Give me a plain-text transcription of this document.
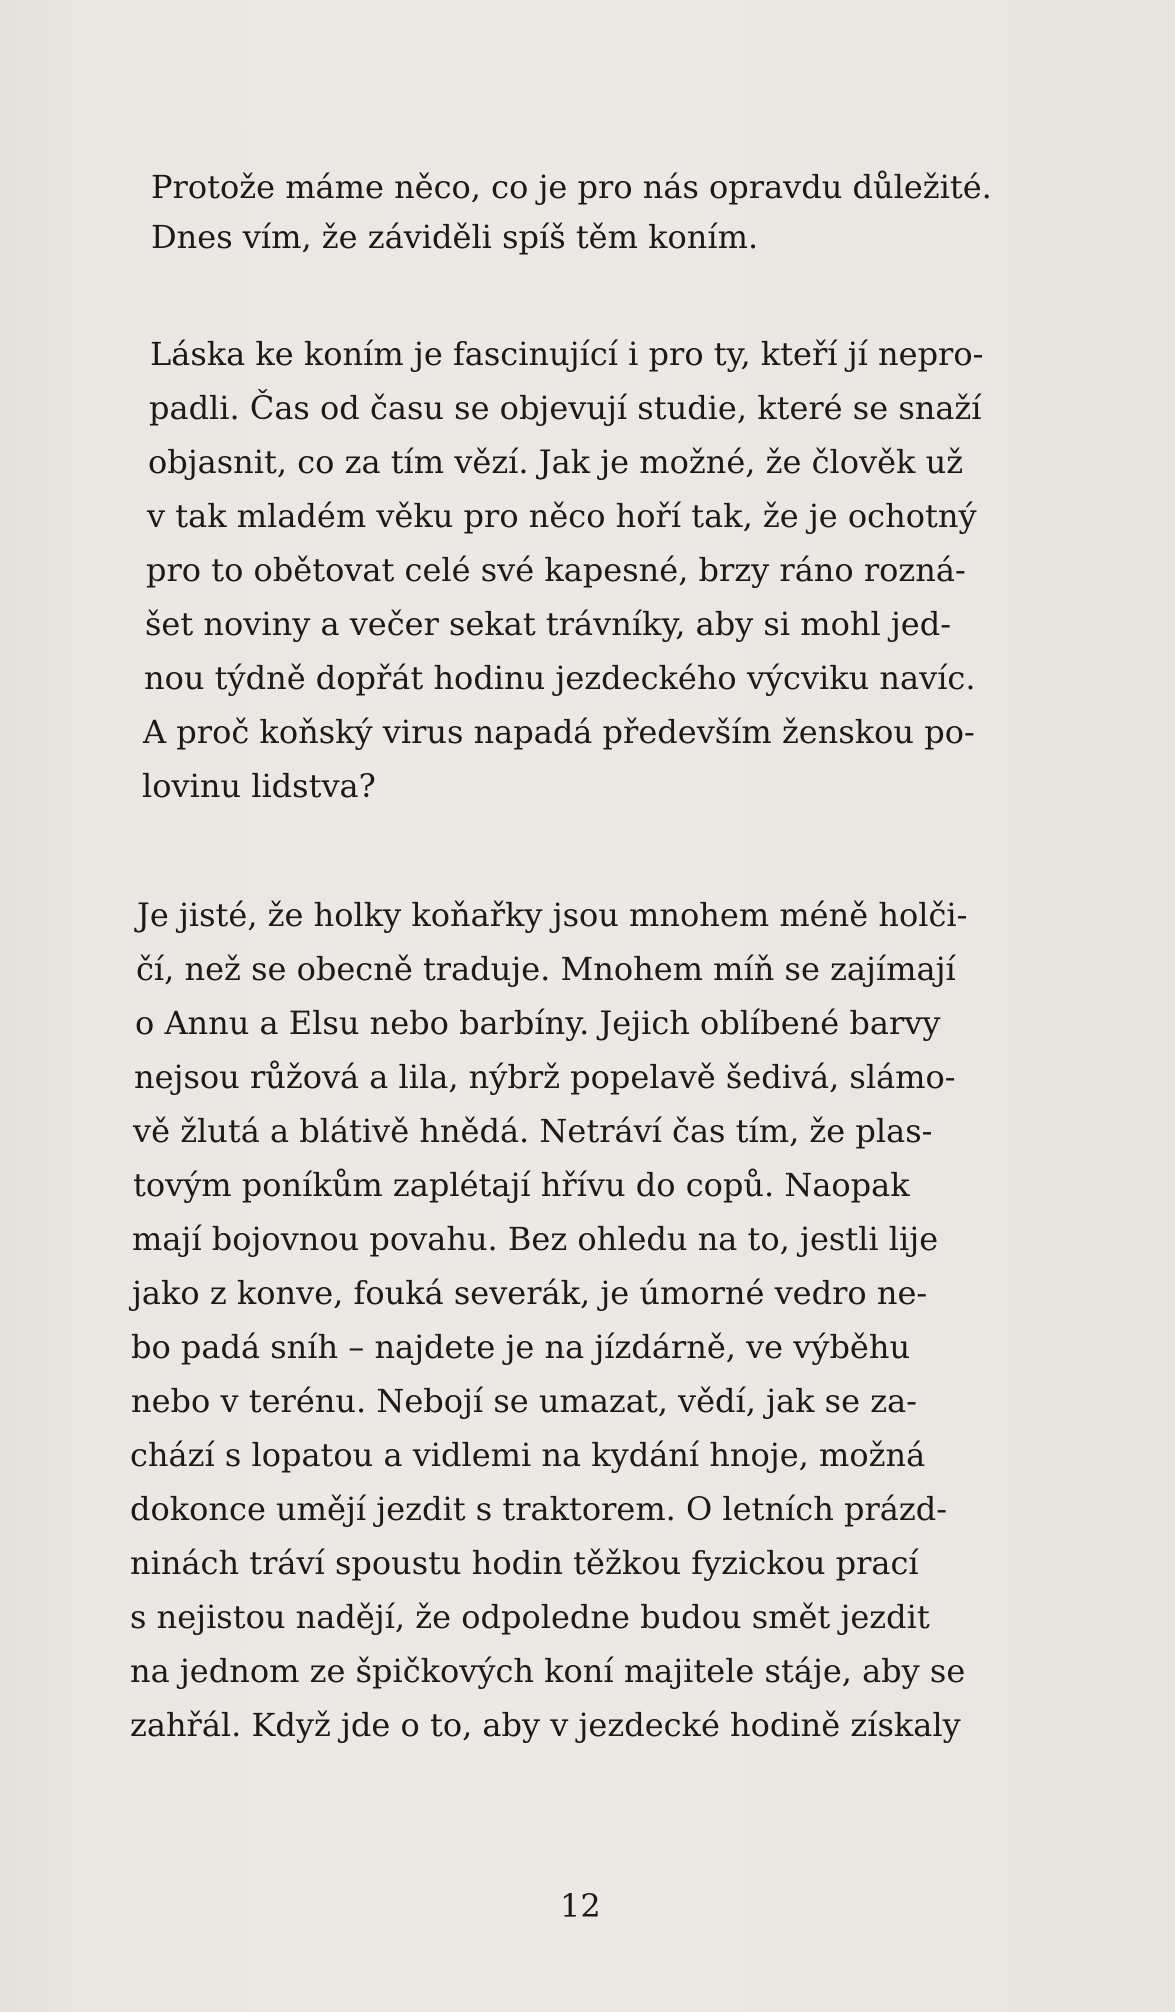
Protože máme něco, co je pro nás opravdu důležité.
Dnes vím, že záviděli spíš těm koním.
Láska ke koním je fascinující i pro ty, kteří jí nepro-
padli. Čas od času se objevují studie, které se snaží
objasnit, co za tím vězí. Jak je možné, že člověk už
v tak mladém věku pro něco hoří tak, že je ochotný
pro to obětovat celé své kapesné, brzy ráno rozná-
šet noviny a večer sekat trávníky, aby si mohl jed-
nou týdně dopřát hodinu jezdeckého výcviku navíc.
A proč koňský virus napadá především ženskou po-
lovinu lidstva?
Je jisté, že holky koňařky jsou mnohem méně holči-
čí, než se obecně traduje. Mnohem míň se zajímají
o Annu a Elsu nebo barbíny. Jejich oblíbené barvy
nejsou růžová a lila, nýbrž popelavě šedivá, slámo-
vě žlutá a blátivě hnědá. Netráví čas tím, že plas-
tovým poníkům zaplétají hřívu do copů. Naopak
mají bojovnou povahu. Bez ohledu na to, jestli lije
jako z konve, fouká severák, je úmorné vedro ne-
bo padá sníh – najdete je na jízdárně, ve výběhu
nebo v terénu. Nebojí se umazat, vědí, jak se za-
chází s lopatou a vidlemi na kydání hnoje, možná
dokonce umějí jezdit s traktorem. O letních prázd-
ninách tráví spoustu hodin těžkou fyzickou prací
s nejistou nadějí, že odpoledne budou smět jezdit
na jednom ze špičkových koní majitele stáje, aby se
zahřál. Když jde o to, aby v jezdecké hodině získaly
12
